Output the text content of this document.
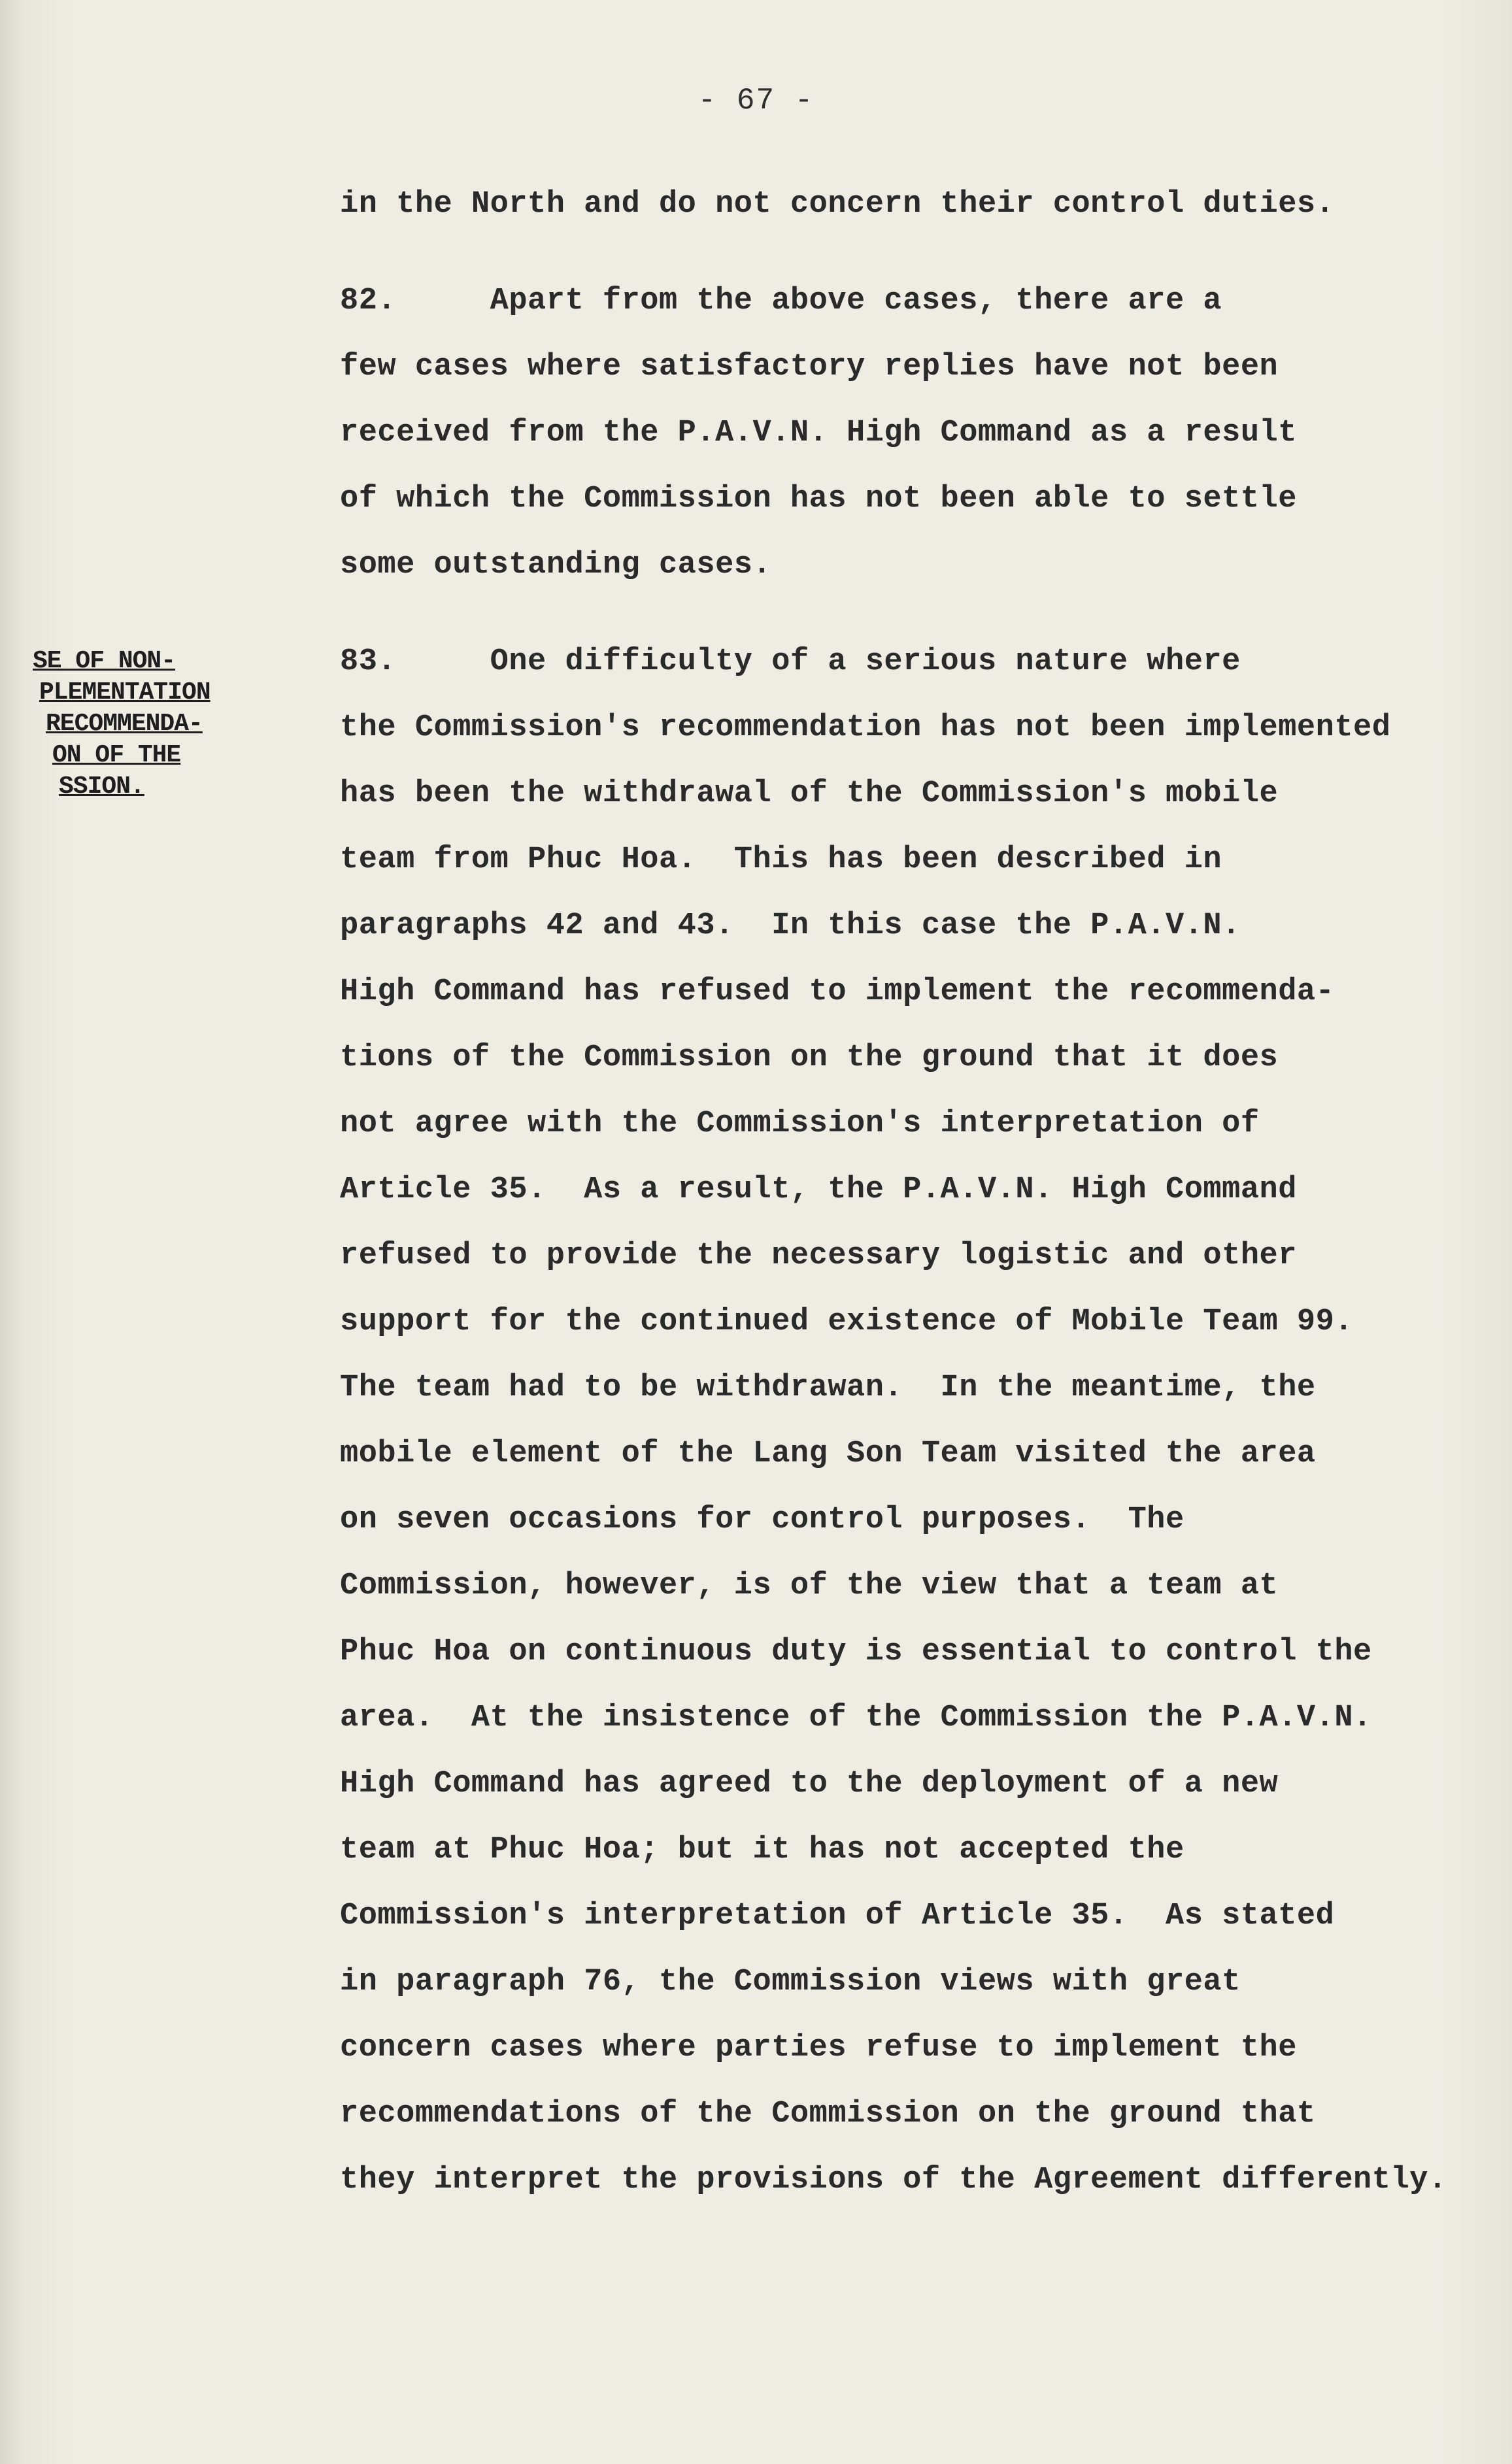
- 67 -
in the North and do not concern their control duties.
82.     Apart from the above cases, there are a
few cases where satisfactory replies have not been
received from the P.A.V.N. High Command as a result
of which the Commission has not been able to settle
some outstanding cases.
SE OF NON-
PLEMENTATION
RECOMMENDA-
ON OF THE
SSION.
83.     One difficulty of a serious nature where
the Commission's recommendation has not been implemented
has been the withdrawal of the Commission's mobile
team from Phuc Hoa.  This has been described in
paragraphs 42 and 43.  In this case the P.A.V.N.
High Command has refused to implement the recommenda-
tions of the Commission on the ground that it does
not agree with the Commission's interpretation of
Article 35.  As a result, the P.A.V.N. High Command
refused to provide the necessary logistic and other
support for the continued existence of Mobile Team 99.
The team had to be withdrawan.  In the meantime, the
mobile element of the Lang Son Team visited the area
on seven occasions for control purposes.  The
Commission, however, is of the view that a team at
Phuc Hoa on continuous duty is essential to control the
area.  At the insistence of the Commission the P.A.V.N.
High Command has agreed to the deployment of a new
team at Phuc Hoa; but it has not accepted the
Commission's interpretation of Article 35.  As stated
in paragraph 76, the Commission views with great
concern cases where parties refuse to implement the
recommendations of the Commission on the ground that
they interpret the provisions of the Agreement differently.
